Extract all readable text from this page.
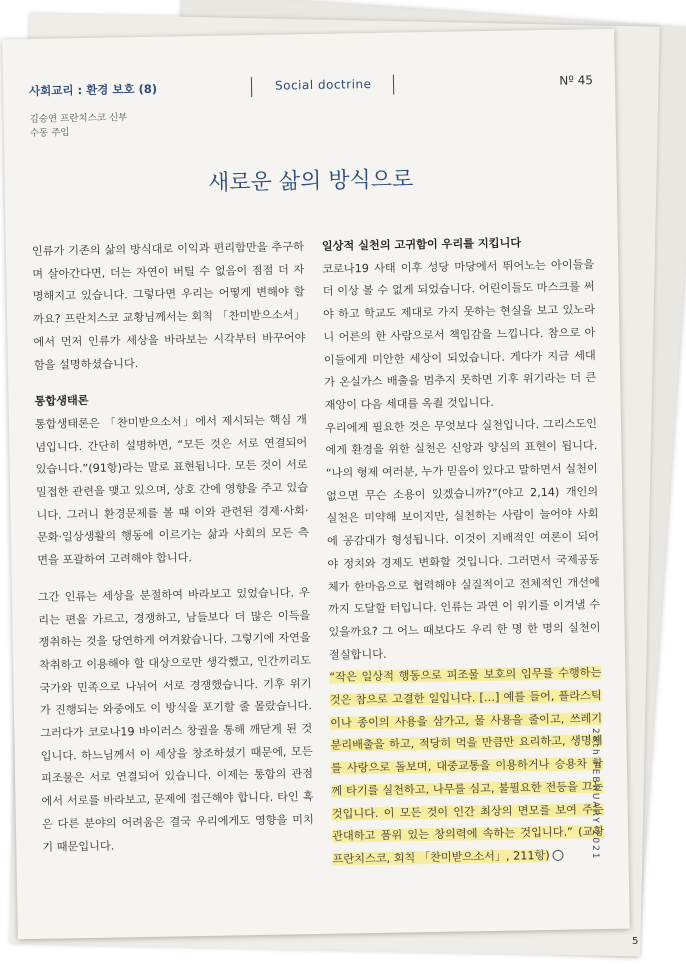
사회교리 : 환경 보호 (8)	Social doctrine	Nº 45
김승연 프란치스코 신부
수동 주임
새로운 삶의 방식으로

인류가 기존의 삶의 방식대로 이익과 편리함만을 추구하며 살아간다면, 더는 자연이 버틸 수 없음이 점점 더 자명해지고 있습니다. 그렇다면 우리는 어떻게 변해야 할까요? 프란치스코 교황님께서는 회칙 「찬미받으소서」에서 먼저 인류가 세상을 바라보는 시각부터 바꾸어야 함을 설명하셨습니다.

통합생태론

통합생태론은 「찬미받으소서」에서 제시되는 핵심 개념입니다. 간단히 설명하면, “모든 것은 서로 연결되어 있습니다.”(91항)라는 말로 표현됩니다. 모든 것이 서로 밀접한 관련을 맺고 있으며, 상호 간에 영향을 주고 있습니다. 그러니 환경문제를 볼 때 이와 관련된 경제·사회·문화·일상생활의 행동에 이르기는 삶과 사회의 모든 측면을 포괄하여 고려해야 합니다.

그간 인류는 세상을 분절하여 바라보고 있었습니다. 우리는 편을 가르고, 경쟁하고, 남들보다 더 많은 이득을 쟁취하는 것을 당연하게 여겨왔습니다. 그렇기에 자연을 착취하고 이용해야 할 대상으로만 생각했고, 인간끼리도 국가와 민족으로 나뉘어 서로 경쟁했습니다. 기후 위기가 진행되는 와중에도 이 방식을 포기할 줄 몰랐습니다. 그러다가 코로나19 바이러스 창궐을 통해 깨닫게 된 것입니다. 하느님께서 이 세상을 창조하셨기 때문에, 모든 피조물은 서로 연결되어 있습니다. 이제는 통합의 관점에서 서로를 바라보고, 문제에 접근해야 합니다. 타인 혹은 다른 분야의 어려움은 결국 우리에게도 영향을 미치기 때문입니다.

일상적 실천의 고귀함이 우리를 지킵니다

코로나19 사태 이후 성당 마당에서 뛰어노는 아이들을 더 이상 볼 수 없게 되었습니다. 어린이들도 마스크를 써야 하고 학교도 제대로 가지 못하는 현실을 보고 있노라니 어른의 한 사람으로서 책임감을 느낍니다. 참으로 아이들에게 미안한 세상이 되었습니다. 게다가 지금 세대가 온실가스 배출을 멈추지 못하면 기후 위기라는 더 큰 재앙이 다음 세대를 옥죌 것입니다.

우리에게 필요한 것은 무엇보다 실천입니다. 그리스도인에게 환경을 위한 실천은 신앙과 양심의 표현이 됩니다. “나의 형제 여러분, 누가 믿음이 있다고 말하면서 실천이 없으면 무슨 소용이 있겠습니까?”(야고 2,14) 개인의 실천은 미약해 보이지만, 실천하는 사람이 늘어야 사회에 공감대가 형성됩니다. 이것이 지배적인 여론이 되어야 정치와 경제도 변화할 것입니다. 그러면서 국제공동체가 한마음으로 협력해야 실질적이고 전체적인 개선에까지 도달할 터입니다. 인류는 과연 이 위기를 이겨낼 수 있을까요? 그 어느 때보다도 우리 한 명 한 명의 실천이 절실합니다.

“작은 일상적 행동으로 피조물 보호의 임무를 수행하는 것은 참으로 고결한 일입니다. […] 예를 들어, 플라스틱이나 종이의 사용을 삼가고, 물 사용을 줄이고, 쓰레기 분리배출을 하고, 적당히 먹을 만큼만 요리하고, 생명체를 사랑으로 돌보며, 대중교통을 이용하거나 승용차 함께 타기를 실천하고, 나무를 심고, 불필요한 전등을 끄는 것입니다. 이 모든 것이 인간 최상의 면모를 보여 주는 관대하고 품위 있는 창의력에 속하는 것입니다.” (교황 프란치스코, 회칙 「찬미받으소서」, 211항)	28th FEBRUARY 2021
5
